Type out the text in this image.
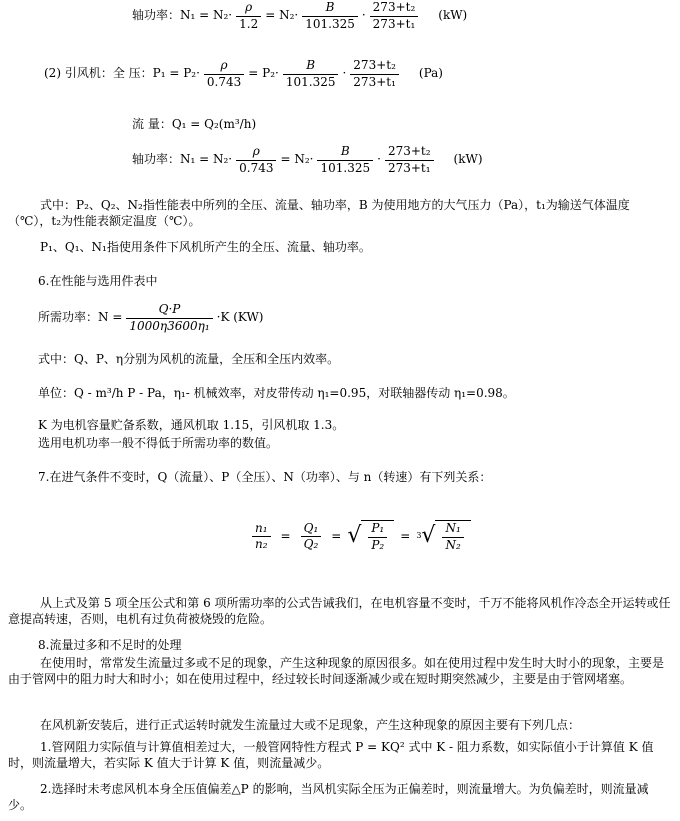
轴功率：$N_1 = N_2\cdot \frac{\rho}{1.2} = N_2\cdot \frac{B}{101.325} \cdot \frac{\text{273+t₂}}{\text{273+t₁}} (kW)$
(2) 引风机：全 压：$P_1 = P_2\cdot \frac{\rho}{0.743} = P_2\cdot \frac{B}{101.325} \cdot \frac{\text{273+t₂}}{\text{273+t₁}} (Pa)$
流 量：Q₁ = Q₂(m³/h)
轴功率：$N_1 = N_2\cdot \frac{\rho}{0.743} = N_2\cdot \frac{B}{101.325} \cdot \frac{\text{273+t₂}}{\text{273+t₁}} (kW)$
式中：P₂、Q₂、N₂指性能表中所列的全压、流量、轴功率，B 为使用地方的大气压力（Pa），t₁为输送气体温度（℃），t₂为性能表额定温度（℃）。
P₁、Q₁、N₁指使用条件下风机所产生的全压、流量、轴功率。
6.在性能与选用件表中
所需功率：$N = \frac{Q\cdot P}{\text{1000η3600η₁}} \cdot K$ (KW)
式中：Q、P、η分别为风机的流量，全压和全压内效率。
单位：Q - m³/h P - Pa，η₁- 机械效率，对皮带传动 η₁=0.95，对联轴器传动 η₁=0.98。
K 为电机容量贮备系数，通风机取 1.15，引风机取 1.3。
选用电机功率一般不得低于所需功率的数值。
7.在进气条件不变时，Q（流量）、P（全压）、N（功率）、与 n（转速）有下列关系：
$\frac{\text{n₁}}{\text{n₂}} = \frac{\text{Q₁}}{\text{Q₂}}$ = √ $\frac{\text{P₁}}{\text{P₂}} = 3$ √ $\frac{\text{N₁}}{\text{N₂}}$
从上式及第 5 项全压公式和第 6 项所需功率的公式告诫我们，在电机容量不变时，千万不能将风机作冷态全开运转或任意提高转速，否则，电机有过负荷被烧毁的危险。
8.流量过多和不足时的处理
在使用时，常常发生流量过多或不足的现象，产生这种现象的原因很多。如在使用过程中发生时大时小的现象，主要是由于管网中的阻力时大和时小；如在使用过程中，经过较长时间逐渐减少或在短时期突然减少，主要是由于管网堵塞。
在风机新安装后，进行正式运转时就发生流量过大或不足现象，产生这种现象的原因主要有下列几点：
1.管网阻力实际值与计算值相差过大，一般管网特性方程式 P = KQ² 式中 K - 阻力系数，如实际值小于计算值 K 值时，则流量增大，若实际 K 值大于计算 K 值，则流量减少。
2.选择时未考虑风机本身全压值偏差△P 的影响，当风机实际全压为正偏差时，则流量增大。为负偏差时，则流量减少。
